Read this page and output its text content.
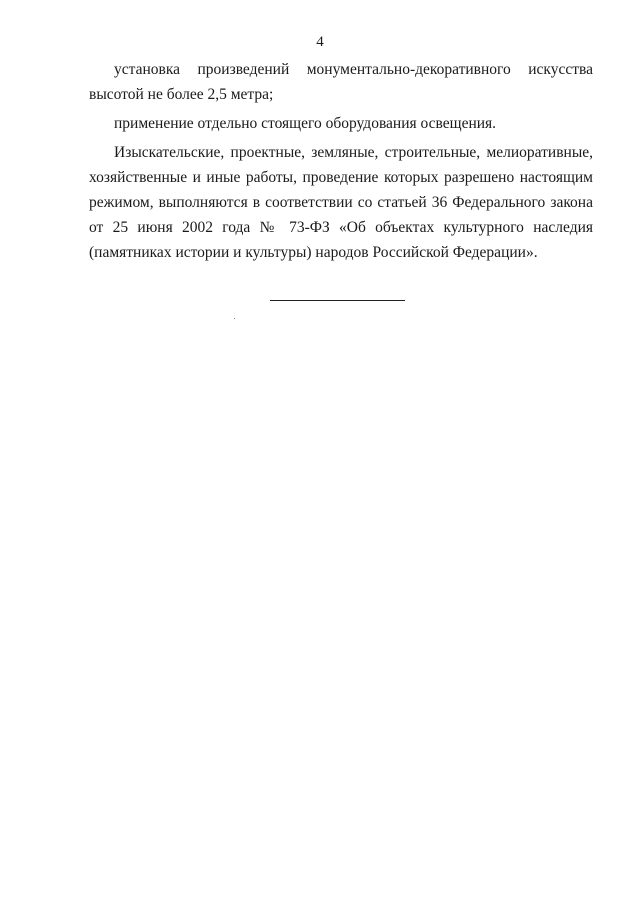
4

установка произведений монументально-декоративного искусства высотой не более 2,5 метра;

применение отдельно стоящего оборудования освещения.

Изыскательские, проектные, земляные, строительные, мелиоративные, хозяйственные и иные работы, проведение которых разрешено настоящим режимом, выполняются в соответствии со статьей 36 Федерального закона от 25 июня 2002 года № 73-ФЗ «Об объектах культурного наследия (памятниках истории и культуры) народов Российской Федерации».
